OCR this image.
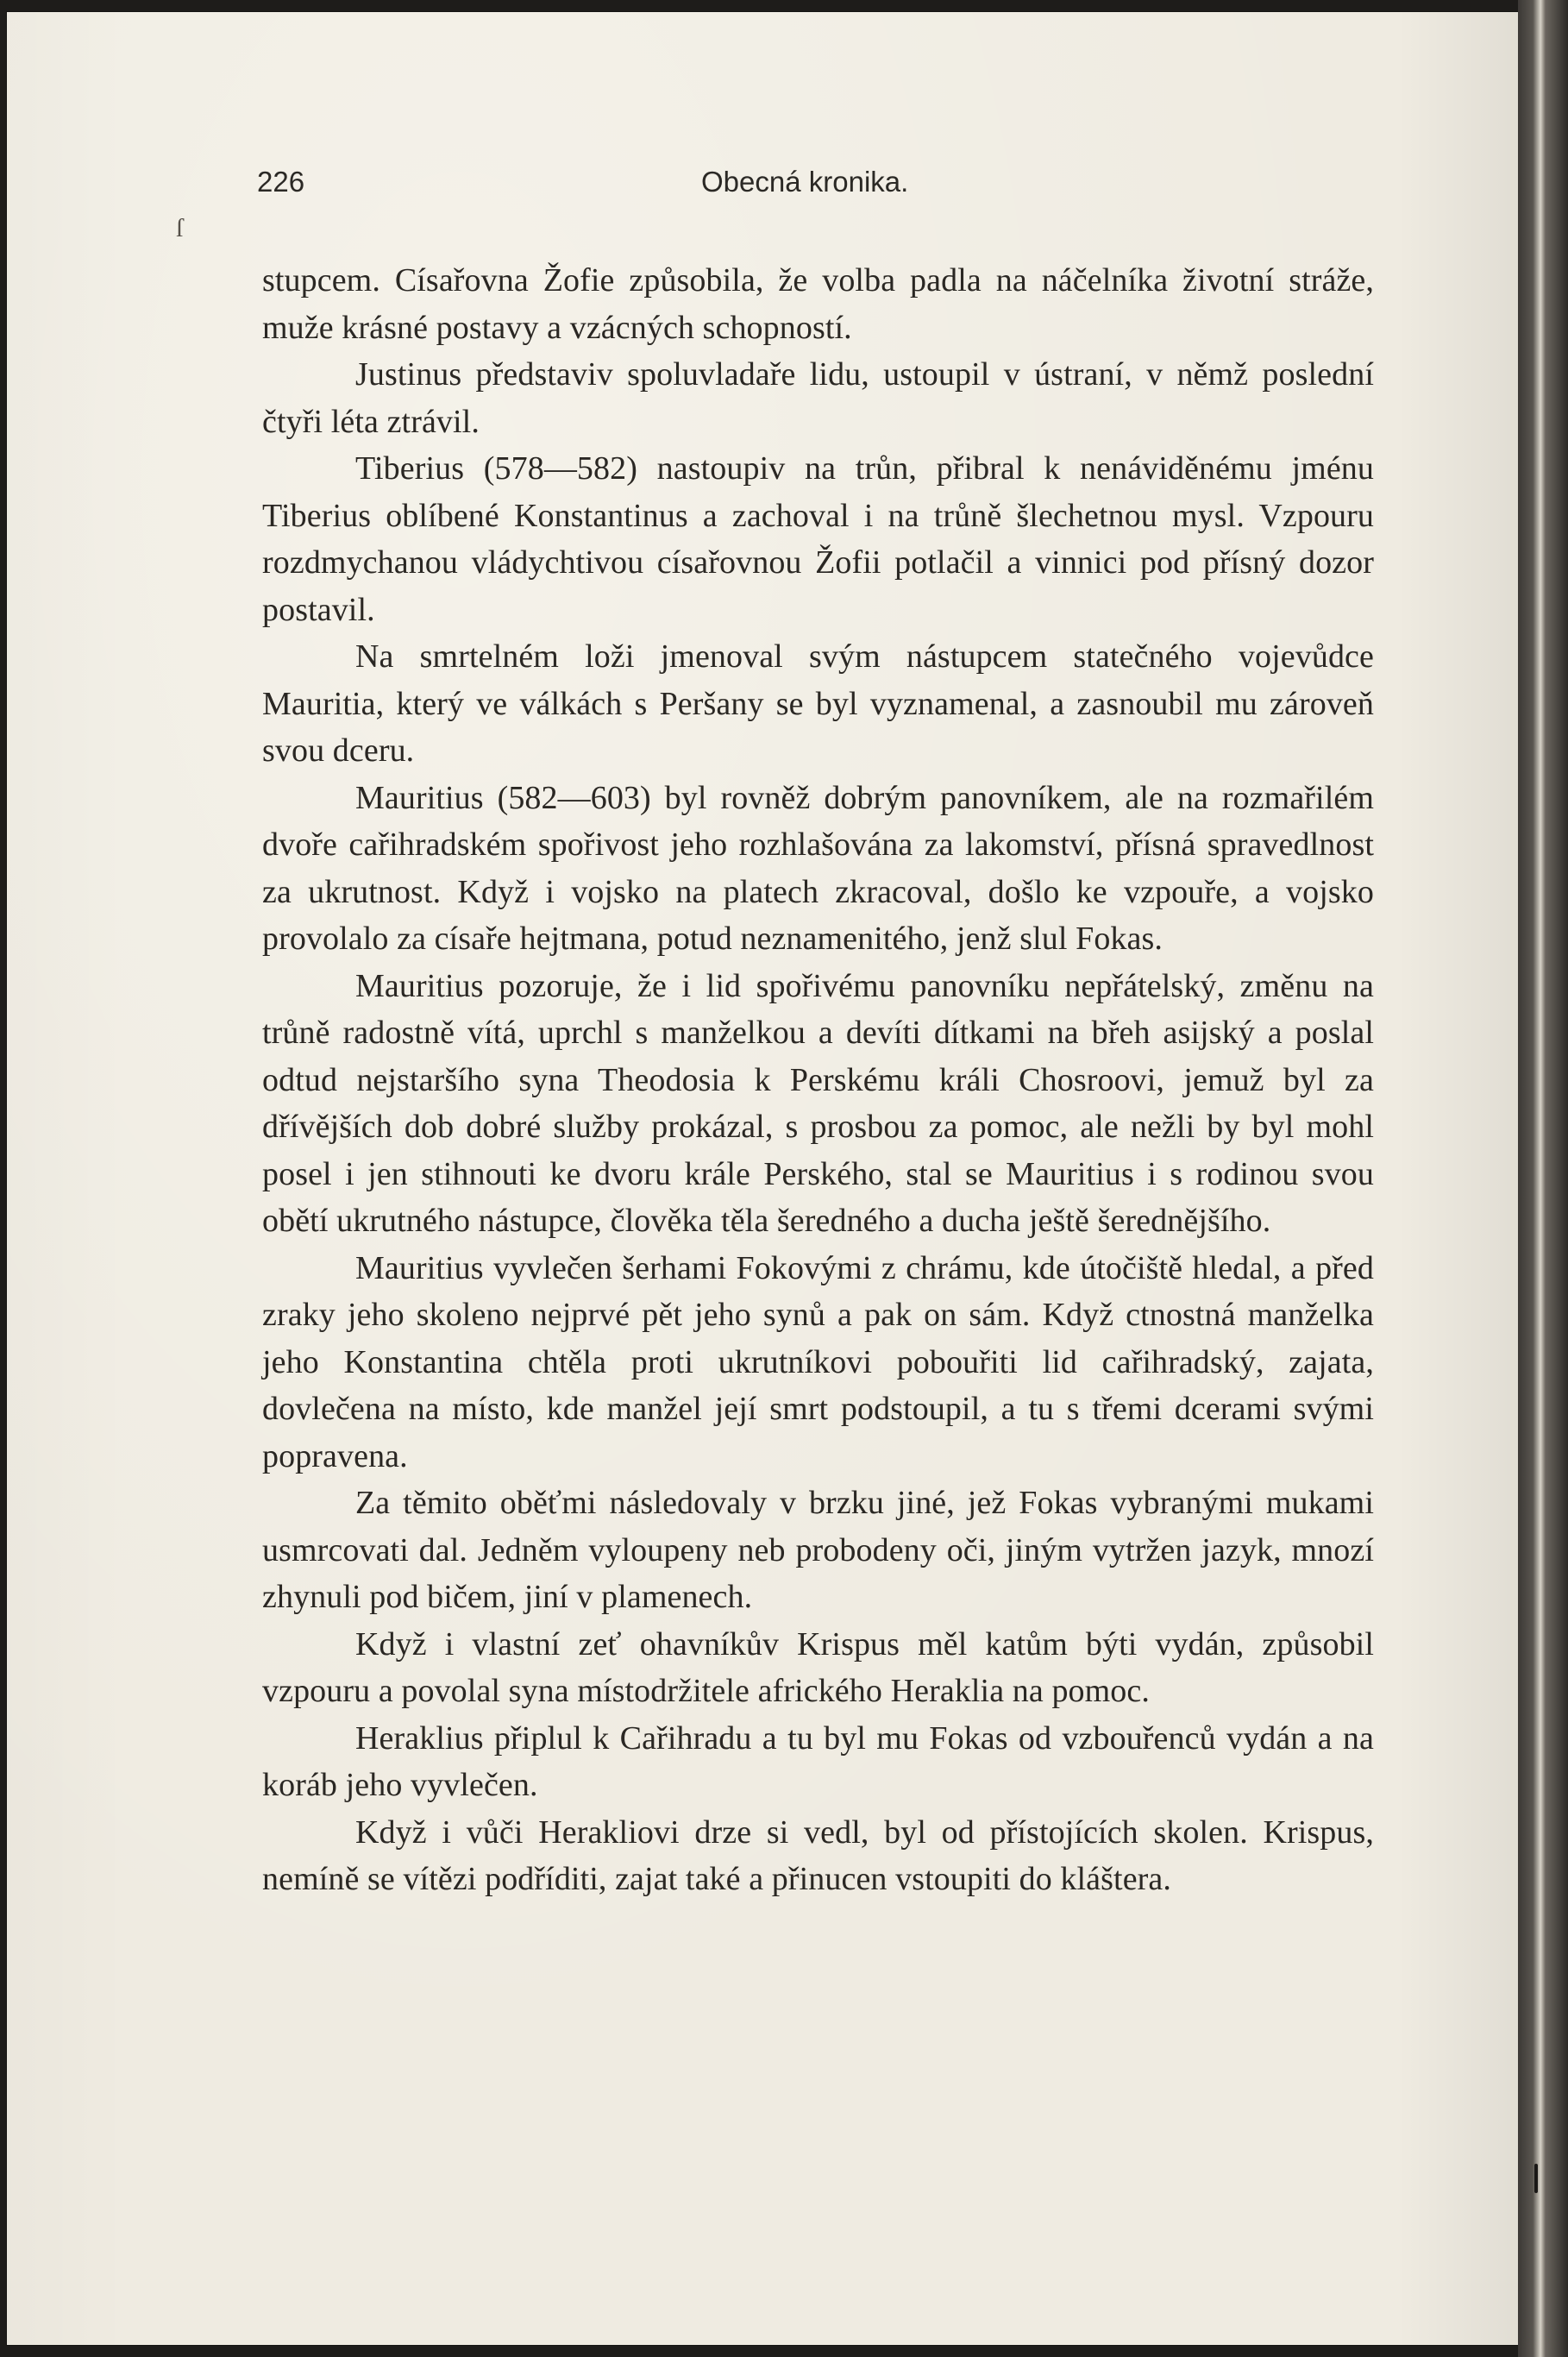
226	Obecná kronika.
ſ

stupcem. Císařovna Žofie způsobila, že volba padla na náčelníka životní stráže, muže krásné postavy a vzácných schopností.

Justinus představiv spoluvladaře lidu, ustoupil v ústraní, v němž poslední čtyři léta ztrávil.

Tiberius (578—582) nastoupiv na trůn, přibral k nenáviděnému jménu Tiberius oblíbené Konstantinus a zachoval i na trůně šlechetnou mysl. Vzpouru rozdmychanou vládychtivou císařovnou Žofii potlačil a vinnici pod přísný dozor postavil.

Na smrtelném loži jmenoval svým nástupcem statečného vojevůdce Mauritia, který ve válkách s Peršany se byl vyznamenal, a zasnoubil mu zároveň svou dceru.

Mauritius (582—603) byl rovněž dobrým panovníkem, ale na rozmařilém dvoře cařihradském spořivost jeho rozhlašována za lakomství, přísná spravedlnost za ukrutnost. Když i vojsko na platech zkracoval, došlo ke vzpouře, a vojsko provolalo za císaře hejtmana, potud neznamenitého, jenž slul Fokas.

Mauritius pozoruje, že i lid spořivému panovníku nepřátelský, změnu na trůně radostně vítá, uprchl s manželkou a devíti dítkami na břeh asijský a poslal odtud nejstaršího syna Theodosia k Perskému králi Chosroovi, jemuž byl za dřívějších dob dobré služby prokázal, s prosbou za pomoc, ale nežli by byl mohl posel i jen stihnouti ke dvoru krále Perského, stal se Mauritius i s rodinou svou obětí ukrutného nástupce, člověka těla šeredného a ducha ještě šerednějšího.

Mauritius vyvlečen šerhami Fokovými z chrámu, kde útočiště hledal, a před zraky jeho skoleno nejprvé pět jeho synů a pak on sám. Když ctnostná manželka jeho Konstantina chtěla proti ukrutníkovi pobouřiti lid cařihradský, zajata, dovlečena na místo, kde manžel její smrt podstoupil, a tu s třemi dcerami svými popravena.

Za těmito oběťmi následovaly v brzku jiné, jež Fokas vybranými mukami usmrcovati dal. Jedněm vyloupeny neb probodeny oči, jiným vytržen jazyk, mnozí zhynuli pod bičem, jiní v plamenech.

Když i vlastní zeť ohavníkův Krispus měl katům býti vydán, způsobil vzpouru a povolal syna místodržitele afrického Heraklia na pomoc.

Heraklius připlul k Cařihradu a tu byl mu Fokas od vzbouřenců vydán a na koráb jeho vyvlečen.

Když i vůči Herakliovi drze si vedl, byl od přístojících skolen. Krispus, nemíně se vítězi podříditi, zajat také a přinucen vstoupiti do kláštera.
